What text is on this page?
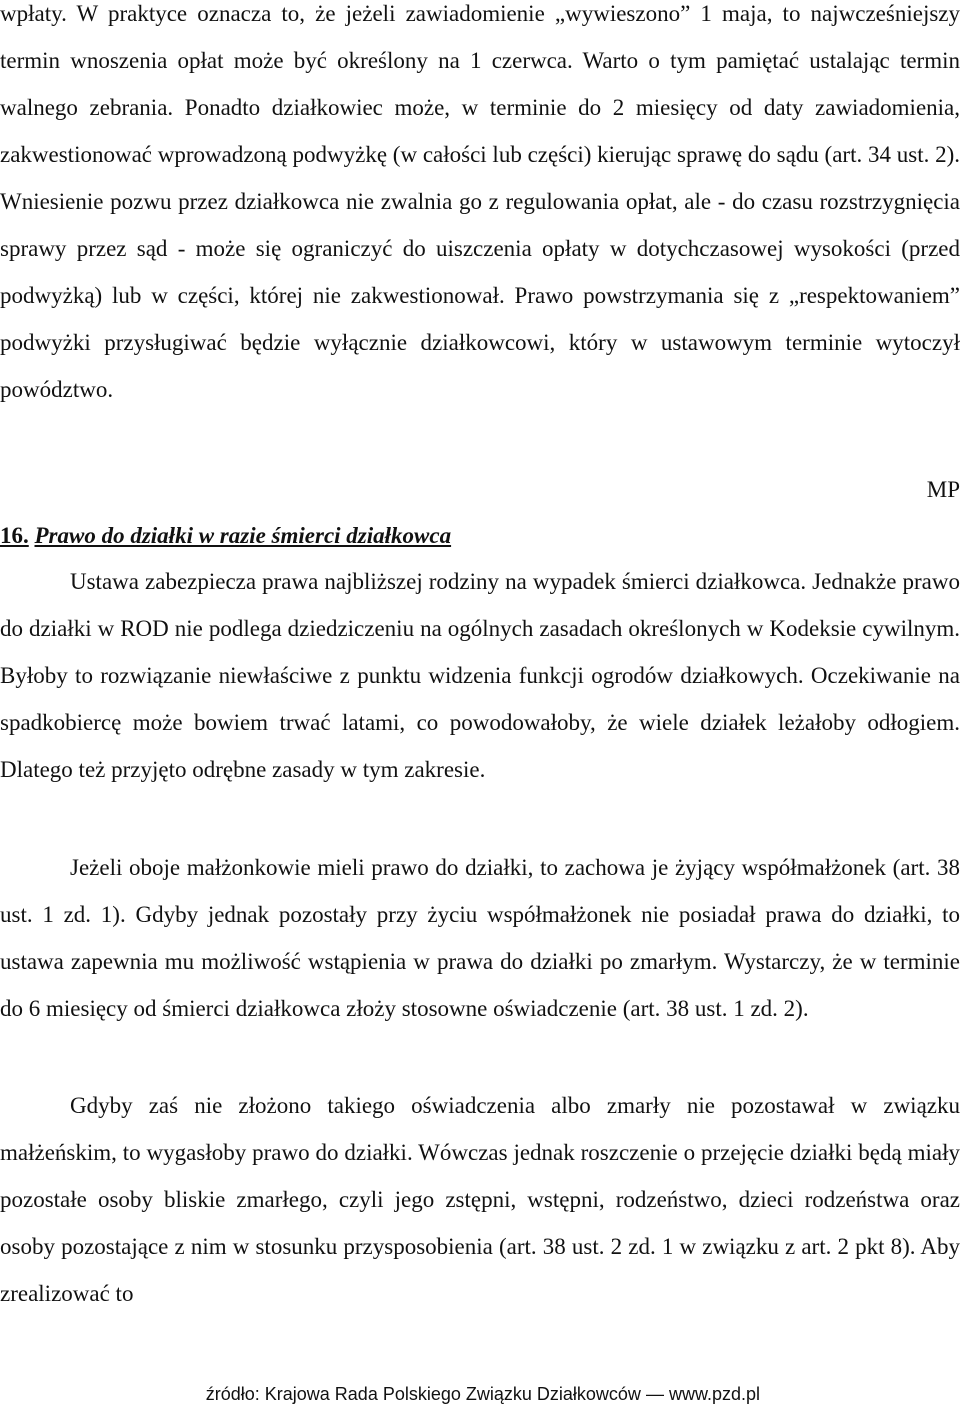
wpłaty. W praktyce oznacza to, że jeżeli zawiadomienie „wywieszono” 1 maja, to najwcześniejszy termin wnoszenia opłat może być określony na 1 czerwca. Warto o tym pamiętać ustalając termin walnego zebrania. Ponadto działkowiec może, w terminie do 2 miesięcy od daty zawiadomienia, zakwestionować wprowadzoną podwyżkę (w całości lub części) kierując sprawę do sądu (art. 34 ust. 2). Wniesienie pozwu przez działkowca nie zwalnia go z regulowania opłat, ale - do czasu rozstrzygnięcia sprawy przez sąd - może się ograniczyć do uiszczenia opłaty w dotychczasowej wysokości (przed podwyżką) lub w części, której nie zakwestionował. Prawo powstrzymania się z „respektowaniem” podwyżki przysługiwać będzie wyłącznie działkowcowi, który w ustawowym terminie wytoczył powództwo.

MP

16. Prawo do działki w razie śmierci działkowca

Ustawa zabezpiecza prawa najbliższej rodziny na wypadek śmierci działkowca. Jednakże prawo do działki w ROD nie podlega dziedziczeniu na ogólnych zasadach określonych w Kodeksie cywilnym. Byłoby to rozwiązanie niewłaściwe z punktu widzenia funkcji ogrodów działkowych. Oczekiwanie na spadkobiercę może bowiem trwać latami, co powodowałoby, że wiele działek leżałoby odłogiem. Dlatego też przyjęto odrębne zasady w tym zakresie.

Jeżeli oboje małżonkowie mieli prawo do działki, to zachowa je żyjący współmałżonek (art. 38 ust. 1 zd. 1). Gdyby jednak pozostały przy życiu współmałżonek nie posiadał prawa do działki, to ustawa zapewnia mu możliwość wstąpienia w prawa do działki po zmarłym. Wystarczy, że w terminie do 6 miesięcy od śmierci działkowca złoży stosowne oświadczenie (art. 38 ust. 1 zd. 2).

Gdyby zaś nie złożono takiego oświadczenia albo zmarły nie pozostawał w związku małżeńskim, to wygasłoby prawo do działki. Wówczas jednak roszczenie o przejęcie działki będą miały pozostałe osoby bliskie zmarłego, czyli jego zstępni, wstępni, rodzeństwo, dzieci rodzeństwa oraz osoby pozostające z nim w stosunku przysposobienia (art. 38 ust. 2 zd. 1 w związku z art. 2 pkt 8). Aby zrealizować to

źródło: Krajowa Rada Polskiego Związku Działkowców — www.pzd.pl
